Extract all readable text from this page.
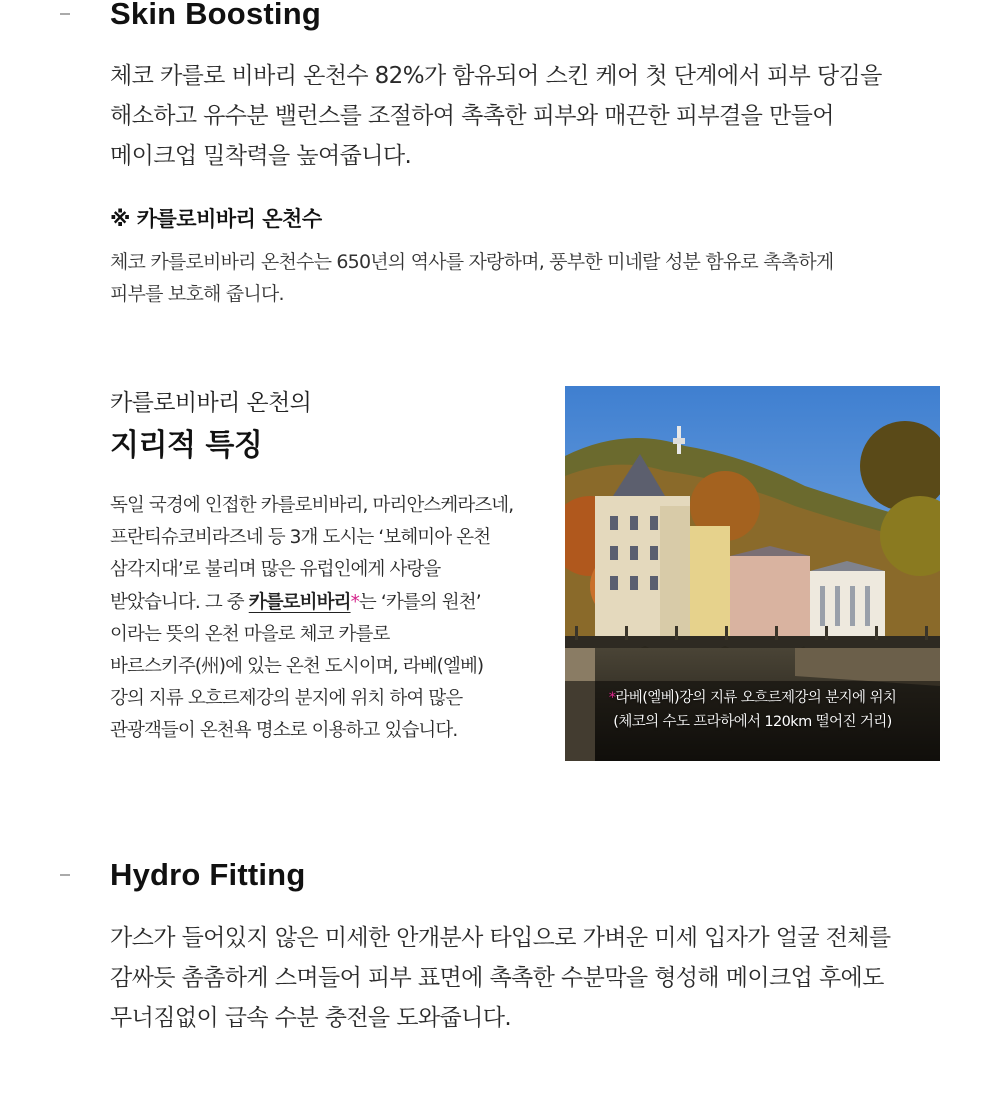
Skin Boosting

체코 카를로 비바리 온천수 82%가 함유되어 스킨 케어 첫 단계에서 피부 당김을
해소하고 유수분 밸런스를 조절하여 촉촉한 피부와 매끈한 피부결을 만들어
메이크업 밀착력을 높여줍니다.

※ 카를로비바리 온천수

체코 카를로비바리 온천수는 650년의 역사를 자랑하며, 풍부한 미네랄 성분 함유로 촉촉하게
피부를 보호해 줍니다.

카를로비바리 온천의

지리적 특징

독일 국경에 인접한 카를로비바리, 마리안스케라즈네,
프란티슈코비라즈네 등 3개 도시는 ‘보헤미아 온천
삼각지대’로 불리며 많은 유럽인에게 사랑을
받았습니다. 그 중 카를로비바리*는 ‘카를의 원천’
이라는 뜻의 온천 마을로 체코 카를로
바르스키주(州)에 있는 온천 도시이며, 라베(엘베)
강의 지류 오흐르제강의 분지에 위치 하여 많은
관광객들이 온천욕 명소로 이용하고 있습니다.

*라베(엘베)강의 지류 오흐르제강의 분지에 위치
(체코의 수도 프라하에서 120km 떨어진 거리)
Hydro Fitting

가스가 들어있지 않은 미세한 안개분사 타입으로 가벼운 미세 입자가 얼굴 전체를
감싸듯 촘촘하게 스며들어 피부 표면에 촉촉한 수분막을 형성해 메이크업 후에도
무너짐없이 급속 수분 충전을 도와줍니다.
